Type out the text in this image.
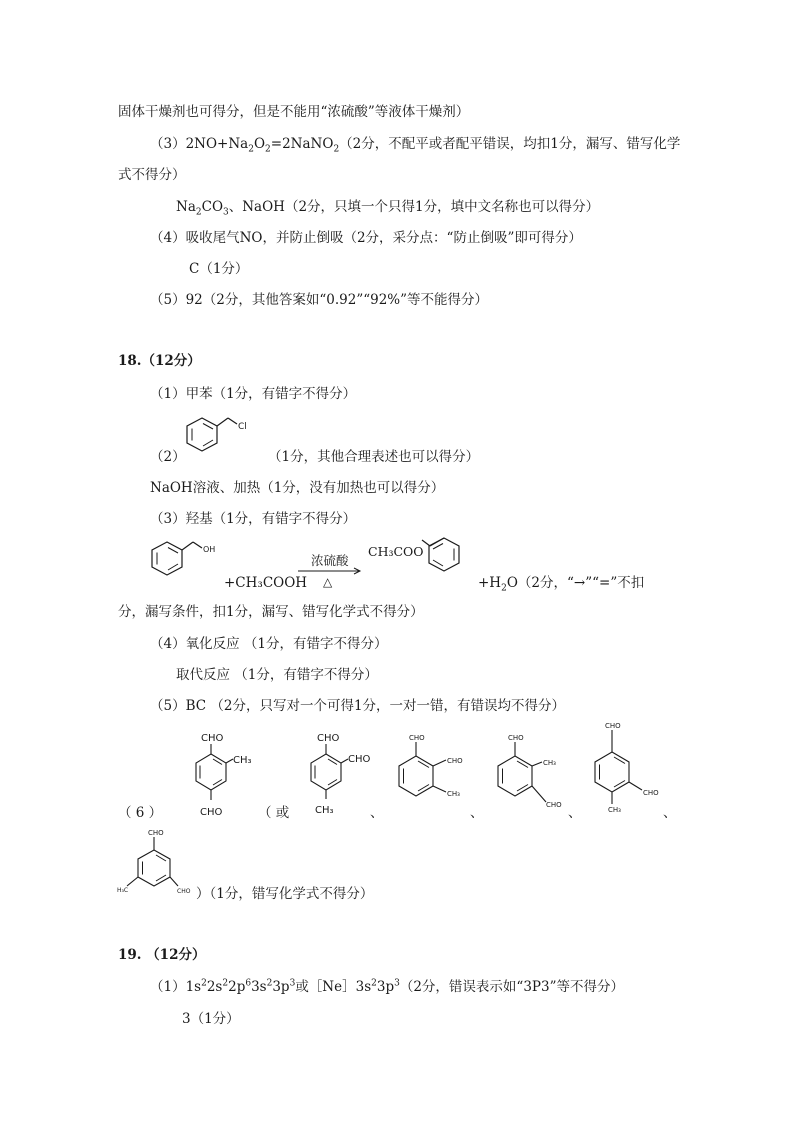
固体干燥剂也可得分，但是不能用“浓硫酸”等液体干燥剂）
$(3)2NO+Na_2O_2=2NaNO_2(2$分，不配平或者配平错误，均扣1分，漏写、错写化学
式不得分）
$Na_2CO_3$、NaOH（2分，只填一个只得1分，填中文名称也可以得分）
（4）吸收尾气NO，并防止倒吸（2分，采分点：“防止倒吸”即可得分）
C（1分）
（5）92（2分，其他答案如“0.92”“92%”等不能得分）
18.（12分）
（1）甲苯（1分，有错字不得分）
Cl
（2）	（1分，其他合理表述也可以得分）
NaOH溶液、加热（1分，没有加热也可以得分）
（3）羟基（1分，有错字不得分）
OH
+CH₃COOH
浓硫酸
△
CH₃COO
$+H_2O(2$分，“→”“=”不扣
分，漏写条件，扣1分，漏写、错写化学式不得分）
（4）氧化反应 （1分，有错字不得分）
取代反应 （1分，有错字不得分）
（5）BC （2分，只写对一个可得1分，一对一错，有错误均不得分）
（ 6 ）
CHO
CH₃
CHO	（ 或
CHO
CHO
CH₃	、
CHO
CHO
CH₃
、
CHO
CH₃
CHO 、
CHO
CHO
CH₃	、
CHO
H₃C	CHO ）（1分，错写化学式不得分）
19. （12分）
$(1)1s^22s^22p^63s^23p^3$或$[Ne]3s^23p^3(2$分，错误表示如“3P3”等不得分）
3（1分）
